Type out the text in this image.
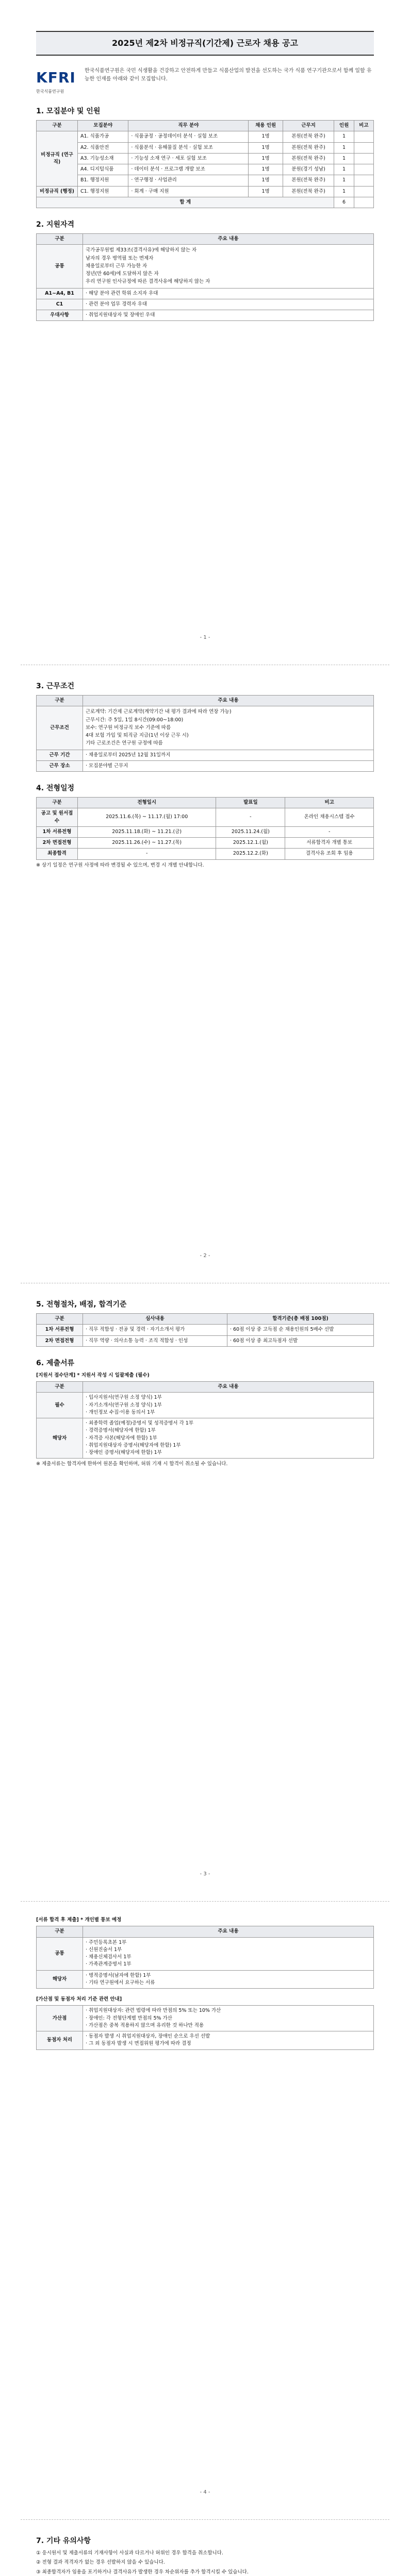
2025년 제2차 비정규직(기간제) 근로자 채용 공고
KFRI
한국식품연구원
한국식품연구원은 국민 식생활을 건강하고 안전하게 만들고 식품산업의 발전을 선도하는 국가 식품 연구기관으로서 함께 일할 유능한 인재를 아래와 같이 모집합니다.
1. 모집분야 및 인원
구분	모집분야	직무 분야	채용 인원	근무지	인원	비고
비정규직 (연구직)	A1. 식품가공	· 식품공정 · 공정데이터 분석 · 실험 보조	1명	본원(전북 완주)	1	
	A2. 식품안전	· 식품분석 · 유해물질 분석 · 실험 보조	1명	본원(전북 완주)	1	
	A3. 기능성소재	· 기능성 소재 연구 · 세포 실험 보조	1명	본원(전북 완주)	1	
	A4. 디지털식품	· 데이터 분석 · 프로그램 개발 보조	1명	분원(경기 성남)	1	
	B1. 행정지원	· 연구행정 · 사업관리	1명	본원(전북 완주)	1	
비정규직 (행정)	C1. 행정지원	· 회계 · 구매 지원	1명	본원(전북 완주)	1	
합 계					6	
2. 지원자격
구분	주요 내용
공통	국가공무원법 제33조(결격사유)에 해당하지 않는 자
남자의 경우 병역필 또는 면제자
채용일로부터 근무 가능한 자
정년(만 60세)에 도달하지 않은 자
우리 연구원 인사규정에 따른 결격사유에 해당하지 않는 자

A1~A4, B1	· 해당 분야 관련 학위 소지자 우대
C1	· 관련 분야 업무 경력자 우대
우대사항	· 취업지원대상자 및 장애인 우대
- 1 -
3. 근무조건
구분	주요 내용
근무조건	근로계약: 기간제 근로계약(계약기간 내 평가 결과에 따라 연장 가능)
근무시간: 주 5일, 1일 8시간(09:00~18:00)
보수: 연구원 비정규직 보수 기준에 따름
4대 보험 가입 및 퇴직금 지급(1년 이상 근무 시)
기타 근로조건은 연구원 규정에 따름

근무 기간	· 채용일로부터 2025년 12월 31일까지
근무 장소	· 모집분야별 근무지
4. 전형일정
구분	전형일시	발표일	비고
공고 및 원서접수	2025.11.6.(목) ~ 11.17.(월) 17:00	-	온라인 채용시스템 접수
1차 서류전형	2025.11.18.(화) ~ 11.21.(금)	2025.11.24.(월)	-
2차 면접전형	2025.11.26.(수) ~ 11.27.(목)	2025.12.1.(월)	서류합격자 개별 통보
최종합격	-	2025.12.2.(화)	결격사유 조회 후 임용
※ 상기 일정은 연구원 사정에 따라 변경될 수 있으며, 변경 시 개별 안내합니다.
- 2 -
5. 전형절차, 배점, 합격기준
구분	심사내용	합격기준(총 배점 100점)
1차 서류전형	· 직무 적합성 · 전공 및 경력 · 자기소개서 평가	· 60점 이상 중 고득점 순 채용인원의 5배수 선발
2차 면접전형	· 직무 역량 · 의사소통 능력 · 조직 적합성 · 인성	· 60점 이상 중 최고득점자 선발
6. 제출서류
[지원서 접수단계] * 지원서 작성 시 일괄제출 (필수)
구분	주요 내용
필수	· 입사지원서(연구원 소정 양식) 1부
· 자기소개서(연구원 소정 양식) 1부
· 개인정보 수집·이용 동의서 1부
해당자	· 최종학력 졸업(예정)증명서 및 성적증명서 각 1부
· 경력증명서(해당자에 한함) 1부
· 자격증 사본(해당자에 한함) 1부
· 취업지원대상자 증명서(해당자에 한함) 1부
· 장애인 증명서(해당자에 한함) 1부
※ 제출서류는 합격자에 한하여 원본을 확인하며, 허위 기재 시 합격이 취소될 수 있습니다.
- 3 -
[서류 합격 후 제출] * 개인별 통보 예정
구분	주요 내용
공통	· 주민등록초본 1부
· 신원진술서 1부
· 채용신체검사서 1부
· 가족관계증명서 1부
해당자	· 병적증명서(남자에 한함) 1부
· 기타 연구원에서 요구하는 서류
[가산점 및 동점자 처리 기준 관련 안내]
가산점	· 취업지원대상자: 관련 법령에 따라 만점의 5% 또는 10% 가산
· 장애인: 각 전형단계별 만점의 5% 가산
· 가산점은 중복 적용하지 않으며 유리한 것 하나만 적용
동점자 처리	· 동점자 발생 시 취업지원대상자, 장애인 순으로 우선 선발
· 그 외 동점자 발생 시 면접위원 평가에 따라 결정
- 4 -
7. 기타 유의사항
① 응시원서 및 제출서류의 기재사항이 사실과 다르거나 허위인 경우 합격을 취소합니다.
② 전형 결과 적격자가 없는 경우 선발하지 않을 수 있습니다.
③ 최종합격자가 임용을 포기하거나 결격사유가 발생한 경우 차순위자를 추가 합격시킬 수 있습니다.
